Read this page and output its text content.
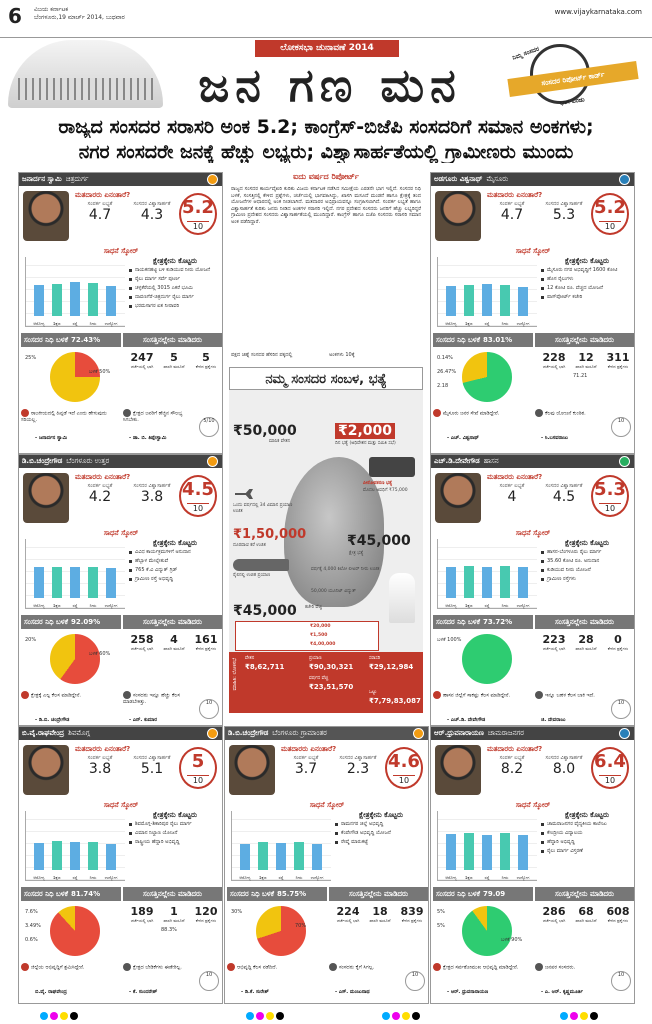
6 ವಿಜಯ ಕರ್ನಾಟಕ
ಬೆಂಗಳೂರು,19 ಮಾರ್ಚ್ 2014, ಬುಧವಾರ
www.vijaykarnataka.com
ಲೋಕಸಭಾ ಚುನಾವಣೆ 2014
ಜನ ಗಣ ಮನ
ನಿಮ್ಮ ಸಂಸದರ
ಸಂಸದರ ರಿಪೋರ್ಟ್ ಕಾರ್ಡ್
ಭಾಗ-ಎರಡು
ರಾಜ್ಯದ ಸಂಸದರ ಸರಾಸರಿ ಅಂಕ 5.2; ಕಾಂಗ್ರೆಸ್-ಬಿಜೆಪಿ ಸಂಸದರಿಗೆ ಸಮಾನ ಅಂಕಗಳು;
ನಗರ ಸಂಸದರೇ ಜನಕ್ಕೆ ಹೆಚ್ಚು ಲಭ್ಯರು; ವಿಶ್ವಾಸಾರ್ಹತೆಯಲ್ಲಿ ಗ್ರಾಮೀಣರು ಮುಂದು
ಜನಾರ್ದನ ಸ್ವಾಮಿ ಚಿತ್ರದುರ್ಗ
ಮತದಾರರು ಏನಂತಾರೆ?
ಸಂಪರ್ಕ ಲಭ್ಯತೆ
4.7
ಸಂಸದರ ವಿಶ್ವಾಸಾರ್ಹತೆ
4.3	5.2
10
ಸಾಧನೆ ಸ್ಕೋರ್
ಆರೋಗ್ಯ	ಶಿಕ್ಷಣ	ರಸ್ತೆ	ನೀರು	ಉದ್ಯೋಗ
ಕ್ಷೇತ್ರಕ್ಕೇನು ಕೊಟ್ಟರು
ನಾಯಕನಹಟ್ಟಿ ಬಳಿ ಕುಡಿಯುವ ನೀರು ಯೋಜನೆ
ರೈಲು ಮಾರ್ಗ ಸರ್ವೆ ಪೂರ್ಣ
ಚಳ್ಳಕೆರೆಯಲ್ಲಿ 3015 ಎಕರೆ ಭೂಮಿ
ದಾವಣಗೆರೆ-ಚಿತ್ರದುರ್ಗ ರೈಲು ಮಾರ್ಗ
ಭರಮಸಾಗರ ಏತ ನೀರಾವರಿ
ಸಂಸದರ ನಿಧಿ ಬಳಕೆ 72.43%	ಸಂಸತ್ತಿನಲ್ಲೇನು ಮಾಡಿದರು
25%
ಬಳಕೆ 50%
247
ಚರ್ಚೆಯಲ್ಲಿ ಭಾಗಿ
5
ಖಾಸಗಿ ಮಸೂದೆ
5
ಕೇಳಿದ ಪ್ರಶ್ನೆಗಳು
ರಾಜಕೀಯದಲ್ಲಿ ಹಿನ್ನಡೆ ಇದೆ ಎಂದು ಹೇಳುವುದು ಸರಿಯಲ್ಲ.
- ಜನಾರ್ದನ ಸ್ವಾಮಿ
ಕ್ಷೇತ್ರದ ಜನರಿಗೆ ಹೆಚ್ಚಿನ ಸೌಲಭ್ಯ ಸಿಗಬೇಕು.
- ಡಾ. ಬಿ. ತಿಪ್ಪೇಸ್ವಾಮಿ
5/10
ಡಿ.ಬಿ.ಚಂದ್ರೇಗೌಡ ಬೆಂಗಳೂರು ಉತ್ತರ
ಮತದಾರರು ಏನಂತಾರೆ?
ಸಂಪರ್ಕ ಲಭ್ಯತೆ
4.2
ಸಂಸದರ ವಿಶ್ವಾಸಾರ್ಹತೆ
3.8	4.5
10
ಸಾಧನೆ ಸ್ಕೋರ್
ಆರೋಗ್ಯ	ಶಿಕ್ಷಣ	ರಸ್ತೆ	ನೀರು	ಉದ್ಯೋಗ
ಕ್ಷೇತ್ರಕ್ಕೇನು ಕೊಟ್ಟರು
ವಿವಿಧ ಕಾರ್ಯಕ್ರಮಗಳಿಗೆ ಅನುದಾನ
ಹೆಬ್ಬಾಳ ಮೇಲ್ಸೇತುವೆ
765 ಕೆ.ವಿ ವಿದ್ಯುತ್ ಗ್ರಿಡ್
ಗ್ರಾಮೀಣ ರಸ್ತೆ ಅಭಿವೃದ್ಧಿ
ಸಂಸದರ ನಿಧಿ ಬಳಕೆ 92.09%	ಸಂಸತ್ತಿನಲ್ಲೇನು ಮಾಡಿದರು
20%
ಬಳಕೆ 60%
258
ಚರ್ಚೆಯಲ್ಲಿ ಭಾಗಿ
4
ಖಾಸಗಿ ಮಸೂದೆ
161
ಕೇಳಿದ ಪ್ರಶ್ನೆಗಳು
ಕ್ಷೇತ್ರಕ್ಕೆ ಎಲ್ಲ ಕೆಲಸ ಮಾಡಿದ್ದೇನೆ.
- ಡಿ.ಬಿ. ಚಂದ್ರೇಗೌಡ
ಸಂಸದರು ಇನ್ನೂ ಹೆಚ್ಚು ಕೆಲಸ ಮಾಡಬೇಕಿತ್ತು.
- ಎನ್. ಕುಮಾರ
10
ಬಿ.ವೈ.ರಾಘವೇಂದ್ರ ಶಿವಮೊಗ್ಗ
ಮತದಾರರು ಏನಂತಾರೆ?
ಸಂಪರ್ಕ ಲಭ್ಯತೆ
3.8
ಸಂಸದರ ವಿಶ್ವಾಸಾರ್ಹತೆ
5.1	5
10
ಸಾಧನೆ ಸ್ಕೋರ್
ಆರೋಗ್ಯ	ಶಿಕ್ಷಣ	ರಸ್ತೆ	ನೀರು	ಉದ್ಯೋಗ
ಕ್ಷೇತ್ರಕ್ಕೇನು ಕೊಟ್ಟರು
ಶಿವಮೊಗ್ಗ-ಶಿಕಾರಿಪುರ ರೈಲು ಮಾರ್ಗ
ವಿಮಾನ ನಿಲ್ದಾಣ ಯೋಜನೆ
ರಾಷ್ಟ್ರೀಯ ಹೆದ್ದಾರಿ ಅಭಿವೃದ್ಧಿ
ಸಂಸದರ ನಿಧಿ ಬಳಕೆ 81.74%	ಸಂಸತ್ತಿನಲ್ಲೇನು ಮಾಡಿದರು
7.6%
3.49%
0.6%
88.3%
189
ಚರ್ಚೆಯಲ್ಲಿ ಭಾಗಿ
1
ಖಾಸಗಿ ಮಸೂದೆ
120
ಕೇಳಿದ ಪ್ರಶ್ನೆಗಳು
ಜಿಲ್ಲೆಯ ಅಭಿವೃದ್ಧಿಗೆ ಶ್ರಮಿಸಿದ್ದೇನೆ.
ಬಿ.ವೈ. ರಾಘವೇಂದ್ರ
ಕ್ಷೇತ್ರದ ಬೇಡಿಕೆಗಳು ಈಡೇರಿಲ್ಲ.
- ಕೆ. ಸುಂದರೇಶ್
10
ಅಡಗೂರು ವಿಶ್ವನಾಥ್ ಮೈಸೂರು
ಮತದಾರರು ಏನಂತಾರೆ?
ಸಂಪರ್ಕ ಲಭ್ಯತೆ
4.7
ಸಂಸದರ ವಿಶ್ವಾಸಾರ್ಹತೆ
5.3	5.2
10
ಸಾಧನೆ ಸ್ಕೋರ್
ಆರೋಗ್ಯ	ಶಿಕ್ಷಣ	ರಸ್ತೆ	ನೀರು	ಉದ್ಯೋಗ
ಕ್ಷೇತ್ರಕ್ಕೇನು ಕೊಟ್ಟರು
ಮೈಸೂರು ನಗರ ಅಭಿವೃದ್ಧಿಗೆ 1600 ಕೋಟಿ
ಹೊಸ ರೈಲುಗಳು
12 ಕೋಟಿ ರೂ. ವೆಚ್ಚದ ಯೋಜನೆ
ಪಾಸ್‌ಪೋರ್ಟ್ ಕಚೇರಿ
ಸಂಸದರ ನಿಧಿ ಬಳಕೆ 83.01%	ಸಂಸತ್ತಿನಲ್ಲೇನು ಮಾಡಿದರು
0.14%
26.47%
2.18
71.21
228
ಚರ್ಚೆಯಲ್ಲಿ ಭಾಗಿ
12
ಖಾಸಗಿ ಮಸೂದೆ
311
ಕೇಳಿದ ಪ್ರಶ್ನೆಗಳು
ಮೈಸೂರು ಜನರ ಸೇವೆ ಮಾಡಿದ್ದೇನೆ.
- ಎಚ್. ವಿಶ್ವನಾಥ್
ಕೆಲವು ಯೋಜನೆ ಕುಂಠಿತ.
- ಸಿ.ಬಸವರಾಜು
10
ಎಚ್.ಡಿ.ದೇವೇಗೌಡ ಹಾಸನ
ಮತದಾರರು ಏನಂತಾರೆ?
ಸಂಪರ್ಕ ಲಭ್ಯತೆ
4
ಸಂಸದರ ವಿಶ್ವಾಸಾರ್ಹತೆ
4.5	5.3
10
ಸಾಧನೆ ಸ್ಕೋರ್
ಆರೋಗ್ಯ	ಶಿಕ್ಷಣ	ರಸ್ತೆ	ನೀರು	ಉದ್ಯೋಗ
ಕ್ಷೇತ್ರಕ್ಕೇನು ಕೊಟ್ಟರು
ಹಾಸನ-ಬೆಂಗಳೂರು ರೈಲು ಮಾರ್ಗ
35.60 ಕೋಟಿ ರೂ. ಅನುದಾನ
ಕುಡಿಯುವ ನೀರು ಯೋಜನೆ
ಗ್ರಾಮೀಣ ರಸ್ತೆಗಳು
ಸಂಸದರ ನಿಧಿ ಬಳಕೆ 73.72%	ಸಂಸತ್ತಿನಲ್ಲೇನು ಮಾಡಿದರು
ಬಳಕೆ 100%	223
ಚರ್ಚೆಯಲ್ಲಿ ಭಾಗಿ
28
ಖಾಸಗಿ ಮಸೂದೆ
0
ಕೇಳಿದ ಪ್ರಶ್ನೆಗಳು
ಹಾಸನ ಜಿಲ್ಲೆಗೆ ಸಾಕಷ್ಟು ಕೆಲಸ ಮಾಡಿದ್ದೇನೆ.
- ಎಚ್.ಡಿ. ದೇವೇಗೌಡ
ಇನ್ನೂ ಬಹಳ ಕೆಲಸ ಬಾಕಿ ಇದೆ.
ಜಿ. ದೇವರಾಜು
10
ಆರ್.ಧ್ರುವನಾರಾಯಣ ಚಾಮರಾಜನಗರ
ಮತದಾರರು ಏನಂತಾರೆ?
ಸಂಪರ್ಕ ಲಭ್ಯತೆ
8.2
ಸಂಸದರ ವಿಶ್ವಾಸಾರ್ಹತೆ
8.0	6.4
10
ಸಾಧನೆ ಸ್ಕೋರ್
ಆರೋಗ್ಯ	ಶಿಕ್ಷಣ	ರಸ್ತೆ	ನೀರು	ಉದ್ಯೋಗ
ಕ್ಷೇತ್ರಕ್ಕೇನು ಕೊಟ್ಟರು
ಚಾಮರಾಜನಗರ ವೈದ್ಯಕೀಯ ಕಾಲೇಜು
ಕೇಂದ್ರೀಯ ವಿದ್ಯಾಲಯ
ಹೆದ್ದಾರಿ ಅಭಿವೃದ್ಧಿ
ರೈಲು ಮಾರ್ಗ ವಿಸ್ತರಣೆ
ಸಂಸದರ ನಿಧಿ ಬಳಕೆ 79.09	ಸಂಸತ್ತಿನಲ್ಲೇನು ಮಾಡಿದರು
5%
5%
ಬಳಕೆ 90%
286
ಚರ್ಚೆಯಲ್ಲಿ ಭಾಗಿ
68
ಖಾಸಗಿ ಮಸೂದೆ
608
ಕೇಳಿದ ಪ್ರಶ್ನೆಗಳು
ಕ್ಷೇತ್ರದ ಸರ್ವತೋಮುಖ ಅಭಿವೃದ್ಧಿ ಮಾಡಿದ್ದೇನೆ.
- ಆರ್. ಧ್ರುವನಾರಾಯಣ
ಜನಪರ ಸಂಸದರು.
- ಎ. ಆರ್. ಕೃಷ್ಣಮೂರ್ತಿ
10
ಡಿ.ಬಿ.ಚಂದ್ರೇಗೌಡ ಬೆಂಗಳೂರು ಗ್ರಾಮಾಂತರ
ಮತದಾರರು ಏನಂತಾರೆ?
ಸಂಪರ್ಕ ಲಭ್ಯತೆ
3.7
ಸಂಸದರ ವಿಶ್ವಾಸಾರ್ಹತೆ
2.3	4.6
10
ಸಾಧನೆ ಸ್ಕೋರ್
ಆರೋಗ್ಯ	ಶಿಕ್ಷಣ	ರಸ್ತೆ	ನೀರು	ಉದ್ಯೋಗ
ಕ್ಷೇತ್ರಕ್ಕೇನು ಕೊಟ್ಟರು
ರಾಮನಗರ ಜಿಲ್ಲೆ ಅಭಿವೃದ್ಧಿ
ಕೆಂಪೇಗೌಡ ಅಭಿವೃದ್ಧಿ ಯೋಜನೆ
ರೇಷ್ಮೆ ಮಾರುಕಟ್ಟೆ
ಸಂಸದರ ನಿಧಿ ಬಳಕೆ 85.75%	ಸಂಸತ್ತಿನಲ್ಲೇನು ಮಾಡಿದರು
30%
70%
224
ಚರ್ಚೆಯಲ್ಲಿ ಭಾಗಿ
18
ಖಾಸಗಿ ಮಸೂದೆ
839
ಕೇಳಿದ ಪ್ರಶ್ನೆಗಳು
ಅಭಿವೃದ್ಧಿ ಕೆಲಸ ನಡೆದಿದೆ.
- ಡಿ.ಕೆ. ಸುರೇಶ್
ಸಂಸದರು ಕೈಗೆ ಸಿಗಲ್ಲ.
- ಎಸ್. ಮಂಜುನಾಥ
10
ಐದು ವರ್ಷದ ರಿಪೋರ್ಟ್
ರಾಜ್ಯದ ಸಂಸದರ ಕಾರ್ಯವೈಖರಿ ಕುರಿತು ವಿಜಯ ಕರ್ನಾಟಕ ನಡೆಸಿದ ಸಮೀಕ್ಷೆಯ ಎರಡನೇ ಭಾಗ ಇಲ್ಲಿದೆ. ಸಂಸದರ ನಿಧಿ ಬಳಕೆ, ಸಂಸತ್ತಿನಲ್ಲಿ ಕೇಳಿದ ಪ್ರಶ್ನೆಗಳು, ಚರ್ಚೆಯಲ್ಲಿ ಭಾಗವಹಿಸಿದ್ದು, ಖಾಸಗಿ ಮಸೂದೆ ಮಂಡನೆ ಹಾಗೂ ಕ್ಷೇತ್ರಕ್ಕೆ ತಂದ ಯೋಜನೆಗಳ ಆಧಾರದಲ್ಲಿ ಅಂಕ ನೀಡಲಾಗಿದೆ. ಮತದಾರರ ಅಭಿಪ್ರಾಯವನ್ನೂ ಸಂಗ್ರಹಿಸಲಾಗಿದೆ. ಸಂಪರ್ಕ ಲಭ್ಯತೆ ಹಾಗೂ ವಿಶ್ವಾಸಾರ್ಹತೆ ಕುರಿತು ಜನರು ನೀಡಿದ ಅಂಕಗಳ ಸರಾಸರಿ ಇಲ್ಲಿದೆ. ನಗರ ಪ್ರದೇಶದ ಸಂಸದರು ಜನರಿಗೆ ಹೆಚ್ಚು ಲಭ್ಯರಿದ್ದರೆ ಗ್ರಾಮೀಣ ಪ್ರದೇಶದ ಸಂಸದರು ವಿಶ್ವಾಸಾರ್ಹತೆಯಲ್ಲಿ ಮುಂದಿದ್ದಾರೆ. ಕಾಂಗ್ರೆಸ್ ಹಾಗೂ ಬಿಜೆಪಿ ಸಂಸದರು ಸರಾಸರಿ ಸಮಾನ ಅಂಕ ಪಡೆದಿದ್ದಾರೆ.
ಪಕ್ಷದ ಚಿಹ್ನೆ ಸಂಸದರ ಹೆಸರಿನ ಪಕ್ಕದಲ್ಲಿ	ಅಂಕಗಳು 10ಕ್ಕೆ
ನಮ್ಮ ಸಂಸದರ ಸಂಬಳ, ಭತ್ಯೆ
₹50,000
ಮಾಸಿಕ ವೇತನ
₹2,000
ದಿನ ಭತ್ಯೆ (ಅಧಿವೇಶನ ಮತ್ತು ಸಮಿತಿ ಸಭೆ)
ಒಂದು ವರ್ಷದಲ್ಲಿ 34 ವಿಮಾನ ಪ್ರಯಾಣ ಉಚಿತ
ಪೀಠೋಪಕರಣ ಭತ್ಯೆ
ಮೊದಲ ಅವಧಿಗೆ ₹75,000
₹1,50,000
ದೂರವಾಣಿ ಕರೆ ಉಚಿತ	₹45,000
ಕ್ಷೇತ್ರ ಭತ್ಯೆ
ರೈಲಿನಲ್ಲಿ ಉಚಿತ ಪ್ರಯಾಣ
ವರ್ಷಕ್ಕೆ 4,000 ಕಿಲೋ ಲೀಟರ್ ನೀರು ಉಚಿತ
50,000 ಯೂನಿಟ್ ವಿದ್ಯುತ್
₹45,000 ಕಚೇರಿ ವೆಚ್ಚ
₹20,000
₹1,500
₹4,00,000
ವೇತನ
₹8,62,711
ಪ್ರಯಾಣ
₹90,30,321
ವರ್ಷದ ವೆಚ್ಚ
₹23,51,570
ಸರಾಸರಿ
₹29,12,984
ಒಟ್ಟು
₹7,79,83,087
ಮಾಹಿತಿ: ಲೋಕಸಭೆ
